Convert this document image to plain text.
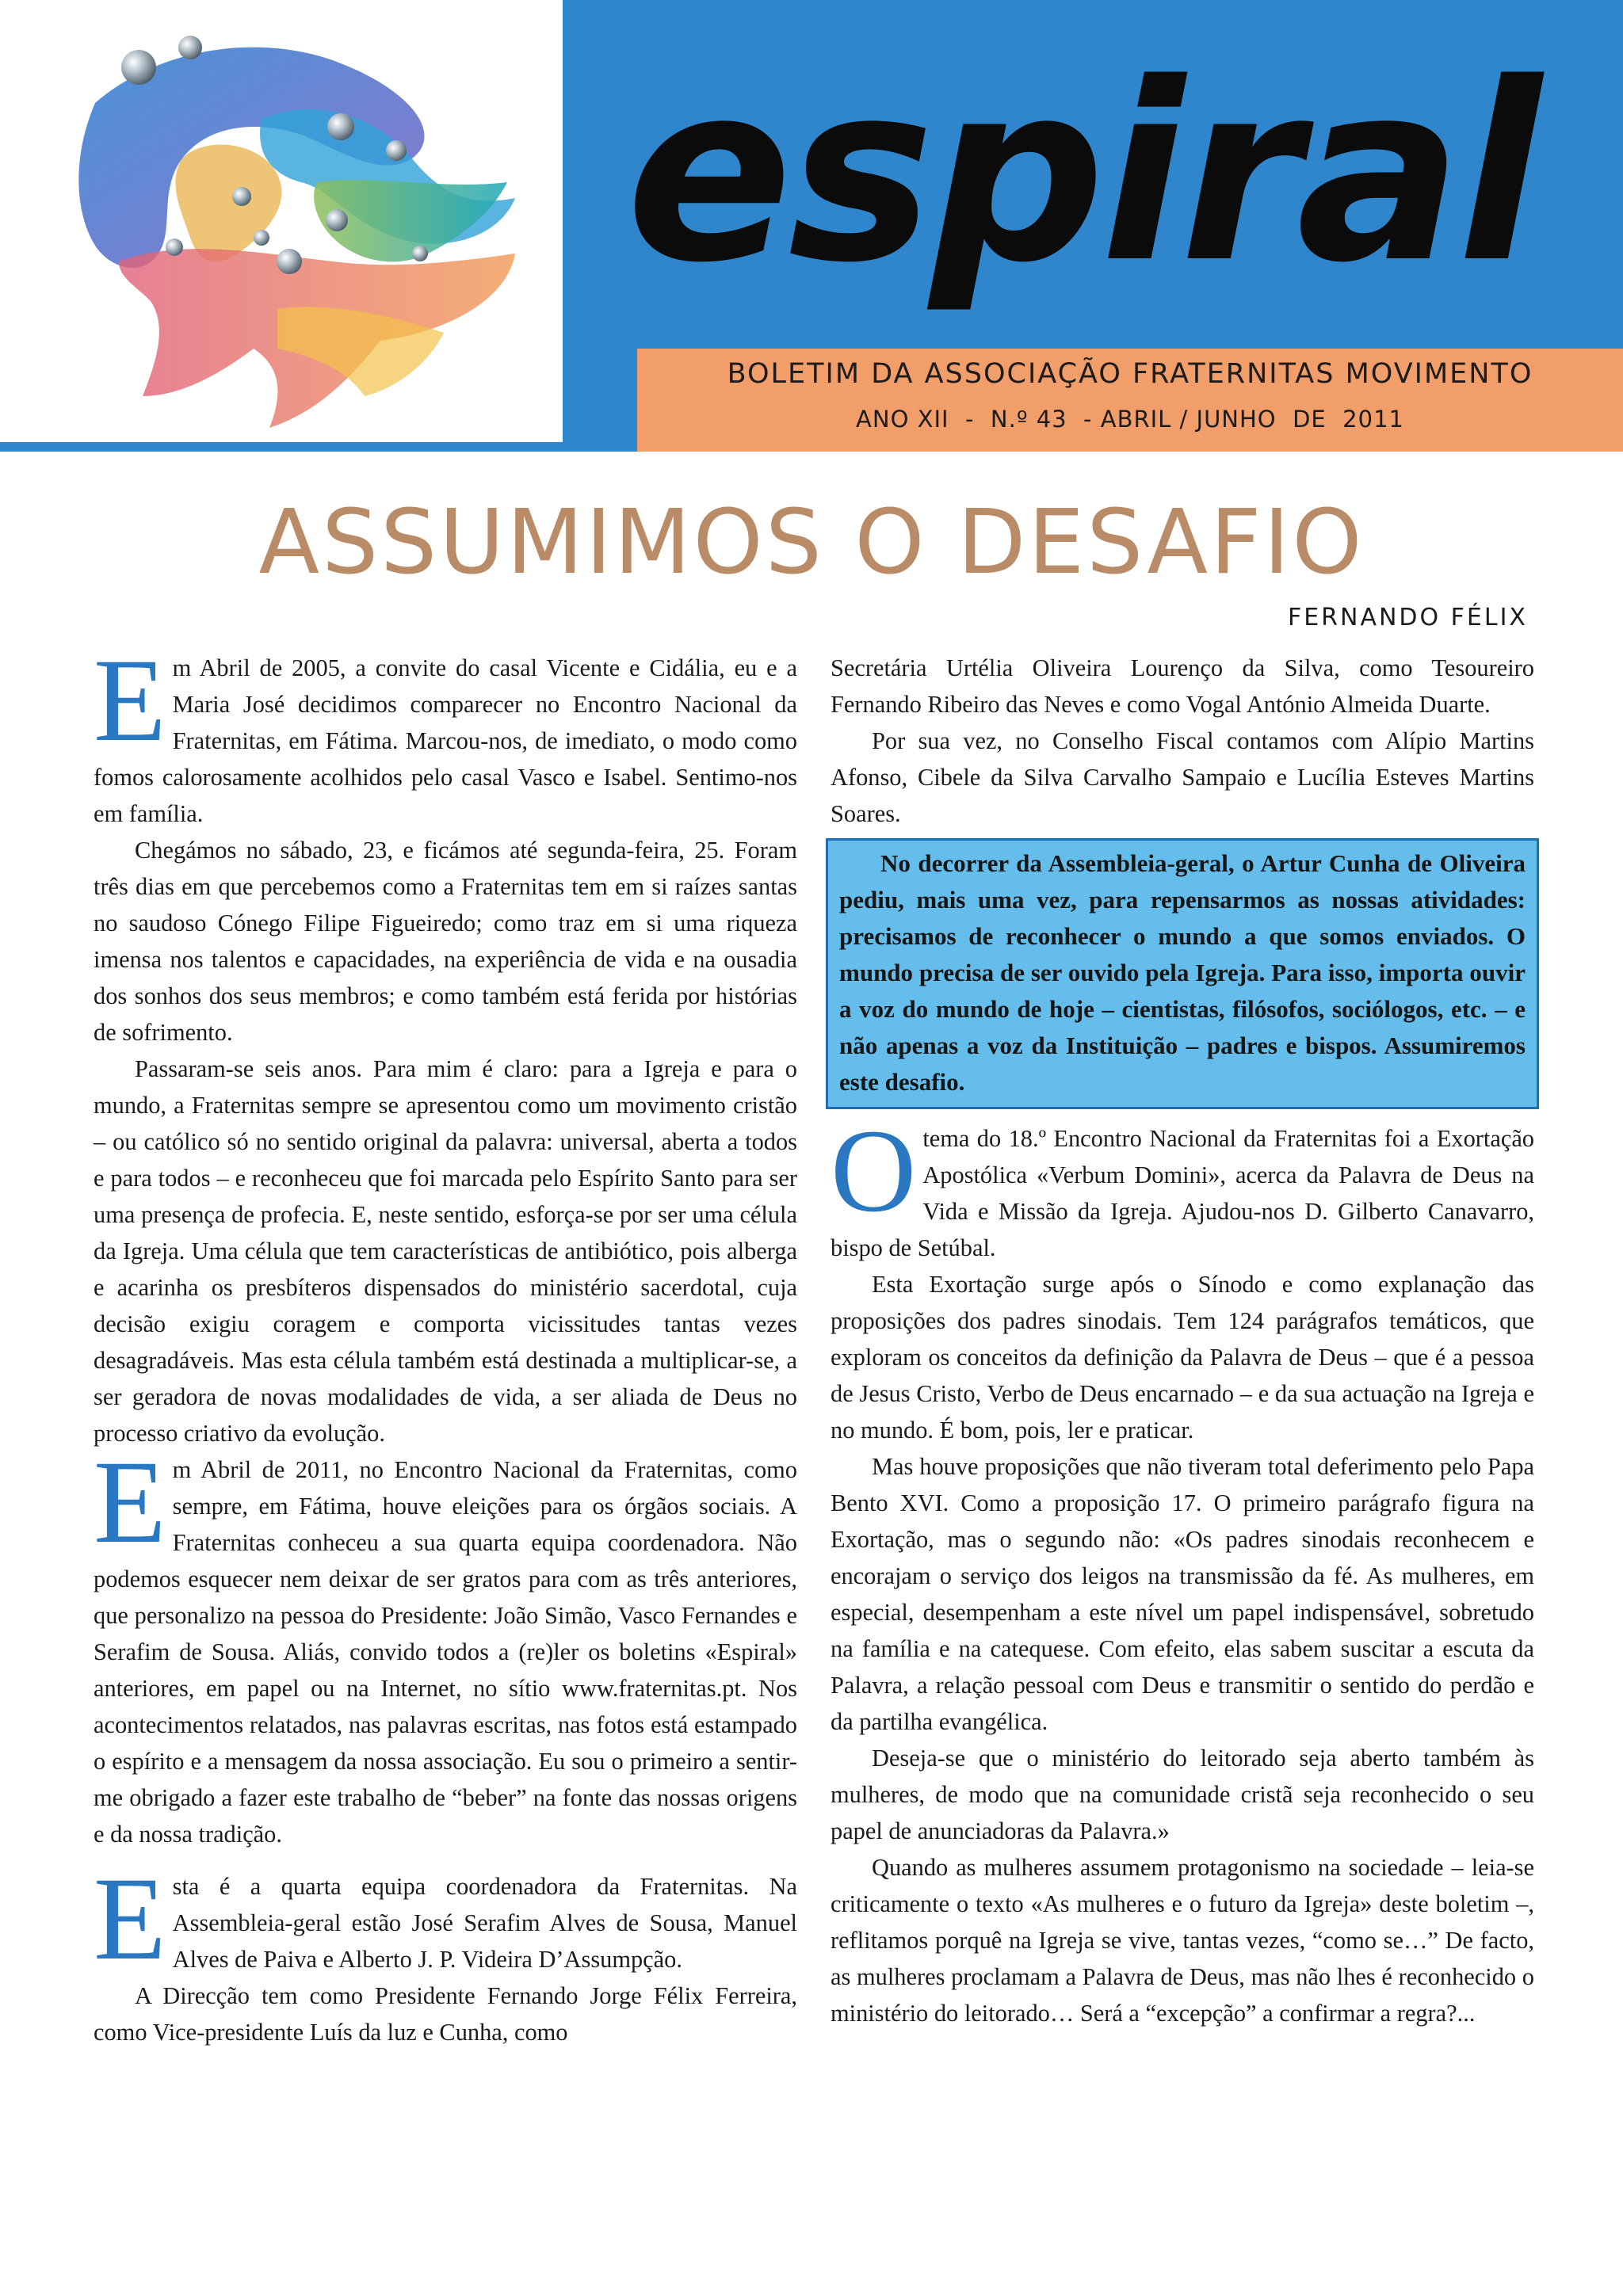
espiral
BOLETIM DA ASSOCIAÇÃO FRATERNITAS MOVIMENTO
ANO XII  -  N.º 43  - ABRIL / JUNHO  DE  2011
ASSUMIMOS O DESAFIO
FERNANDO FÉLIX

Em Abril de 2005, a convite do casal Vicente e Cidália, eu e a Maria José decidimos comparecer no Encontro Nacional da Fraternitas, em Fátima. Marcou-nos, de imediato, o modo como fomos calorosamente acolhidos pelo casal Vasco e Isabel. Sentimo-nos em família.

Chegámos no sábado, 23, e ficámos até segunda-feira, 25. Foram três dias em que percebemos como a Fraternitas tem em si raízes santas no saudoso Cónego Filipe Figueiredo; como traz em si uma riqueza imensa nos talentos e capacidades, na experiência de vida e na ousadia dos sonhos dos seus membros; e como também está ferida por histórias de sofrimento.

Passaram-se seis anos. Para mim é claro: para a Igreja e para o mundo, a Fraternitas sempre se apresentou como um movimento cristão – ou católico só no sentido original da palavra: universal, aberta a todos e para todos – e reconheceu que foi marcada pelo Espírito Santo para ser uma presença de profecia. E, neste sentido, esforça-se por ser uma célula da Igreja. Uma célula que tem características de antibiótico, pois alberga e acarinha os presbíteros dispensados do ministério sacerdotal, cuja decisão exigiu coragem e comporta vicissitudes tantas vezes desagradáveis. Mas esta célula também está destinada a multiplicar-se, a ser geradora de novas modalidades de vida, a ser aliada de Deus no processo criativo da evolução.

Em Abril de 2011, no Encontro Nacional da Fraternitas, como sempre, em Fátima, houve eleições para os órgãos sociais. A Fraternitas conheceu a sua quarta equipa coordenadora. Não podemos esquecer nem deixar de ser gratos para com as três anteriores, que personalizo na pessoa do Presidente: João Simão, Vasco Fernandes e Serafim de Sousa. Aliás, convido todos a (re)ler os boletins «Espiral» anteriores, em papel ou na Internet, no sítio www.fraternitas.pt. Nos acontecimentos relatados, nas palavras escritas, nas fotos está estampado o espírito e a mensagem da nossa associação. Eu sou o primeiro a sentir-me obrigado a fazer este trabalho de “beber” na fonte das nossas origens e da nossa tradição.

Esta é a quarta equipa coordenadora da Fraternitas. Na Assembleia-geral estão José Serafim Alves de Sousa, Manuel Alves de Paiva e Alberto J. P. Videira D’Assumpção.

A Direcção tem como Presidente Fernando Jorge Félix Ferreira, como Vice-presidente Luís da luz e Cunha, como

Secretária Urtélia Oliveira Lourenço da Silva, como Tesoureiro Fernando Ribeiro das Neves e como Vogal António Almeida Duarte.

Por sua vez, no Conselho Fiscal contamos com Alípio Martins Afonso, Cibele da Silva Carvalho Sampaio e Lucília Esteves Martins Soares.

No decorrer da Assembleia-geral, o Artur Cunha de Oliveira pediu, mais uma vez, para repensarmos as nossas atividades: precisamos de reconhecer o mundo a que somos enviados. O mundo precisa de ser ouvido pela Igreja. Para isso, importa ouvir a voz do mundo de hoje – cientistas, filósofos, sociólogos, etc. – e não apenas a voz da Instituição – padres e bispos. Assumiremos este desafio.

Otema do 18.º Encontro Nacional da Fraternitas foi a Exortação Apostólica «Verbum Domini», acerca da Palavra de Deus na Vida e Missão da Igreja. Ajudou-nos D. Gilberto Canavarro, bispo de Setúbal.

Esta Exortação surge após o Sínodo e como explanação das proposições dos padres sinodais. Tem 124 parágrafos temáticos, que exploram os conceitos da definição da Palavra de Deus – que é a pessoa de Jesus Cristo, Verbo de Deus encarnado – e da sua actuação na Igreja e no mundo. É bom, pois, ler e praticar.

Mas houve proposições que não tiveram total deferimento pelo Papa Bento XVI. Como a proposição 17. O primeiro parágrafo figura na Exortação, mas o segundo não: «Os padres sinodais reconhecem e encorajam o serviço dos leigos na transmissão da fé. As mulheres, em especial, desempenham a este nível um papel indispensável, sobretudo na família e na catequese. Com efeito, elas sabem suscitar a escuta da Palavra, a relação pessoal com Deus e transmitir o sentido do perdão e da partilha evangélica.

Deseja-se que o ministério do leitorado seja aberto também às mulheres, de modo que na comunidade cristã seja reconhecido o seu papel de anunciadoras da Palavra.»

Quando as mulheres assumem protagonismo na sociedade – leia-se criticamente o texto «As mulheres e o futuro da Igreja» deste boletim –, reflitamos porquê na Igreja se vive, tantas vezes, “como se…” De facto, as mulheres proclamam a Palavra de Deus, mas não lhes é reconhecido o ministério do leitorado… Será a “excepção” a confirmar a regra?...
